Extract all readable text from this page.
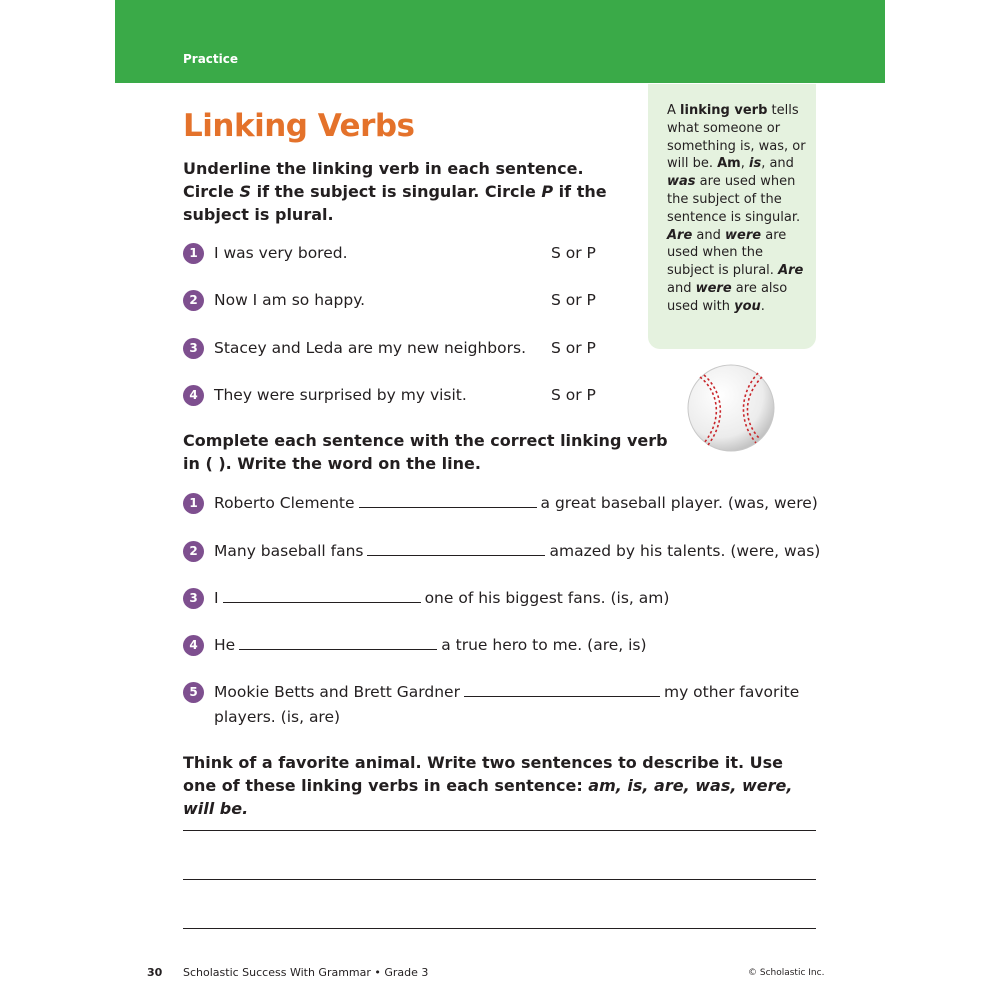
Practice
Linking Verbs

Underline the linking verb in each sentence. Circle S if the subject is singular. Circle P if the subject is plural.

A linking verb tells what someone or something is, was, or will be. Am, is, and was are used when the subject of the sentence is singular. Are and were are used when the subject is plural. Are and were are also used with you.
1	I was very bored.	S or P
2	Now I am so happy.	S or P
3	Stacey and Leda are my new neighbors. S or P
4	They were surprised by my visit.	S or P

Complete each sentence with the correct linking verb in ( ). Write the word on the line.

1	Roberto Clemente	a great baseball player. (was, were)
2	Many baseball fans	amazed by his talents. (were, was)
3	I	one of his biggest fans. (is, am)
4	He	a true hero to me. (are, is)
5	Mookie Betts and Brett Gardner	my other favorite
players. (is, are)

Think of a favorite animal. Write two sentences to describe it. Use one of these linking verbs in each sentence: am, is, are, was, were, will be.

30 Scholastic Success With Grammar • Grade 3	© Scholastic Inc.
